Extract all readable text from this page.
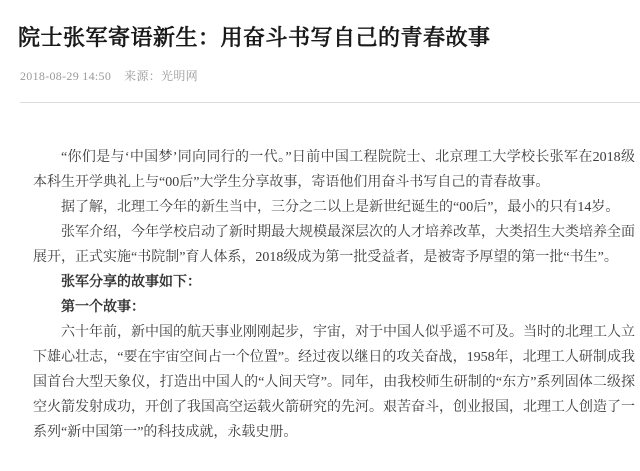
院士张军寄语新生：用奋斗书写自己的青春故事
2018-08-29 14:50 来源：光明网

“你们是与‘中国梦’同向同行的一代。”日前中国工程院院士、北京理工大学校长张军在2018级本科生开学典礼上与“00后”大学生分享故事，寄语他们用奋斗书写自己的青春故事。

据了解，北理工今年的新生当中，三分之二以上是新世纪诞生的“00后”，最小的只有14岁。

张军介绍，今年学校启动了新时期最大规模最深层次的人才培养改革，大类招生大类培养全面展开，正式实施“书院制”育人体系，2018级成为第一批受益者，是被寄予厚望的第一批“书生”。

张军分享的故事如下：

第一个故事：

六十年前，新中国的航天事业刚刚起步，宇宙，对于中国人似乎遥不可及。当时的北理工人立下雄心壮志，“要在宇宙空间占一个位置”。经过夜以继日的攻关奋战，1958年，北理工人研制成我国首台大型天象仪，打造出中国人的“人间天穹”。同年，由我校师生研制的“东方”系列固体二级探空火箭发射成功，开创了我国高空运载火箭研究的先河。艰苦奋斗，创业报国，北理工人创造了一系列“新中国第一”的科技成就，永载史册。
